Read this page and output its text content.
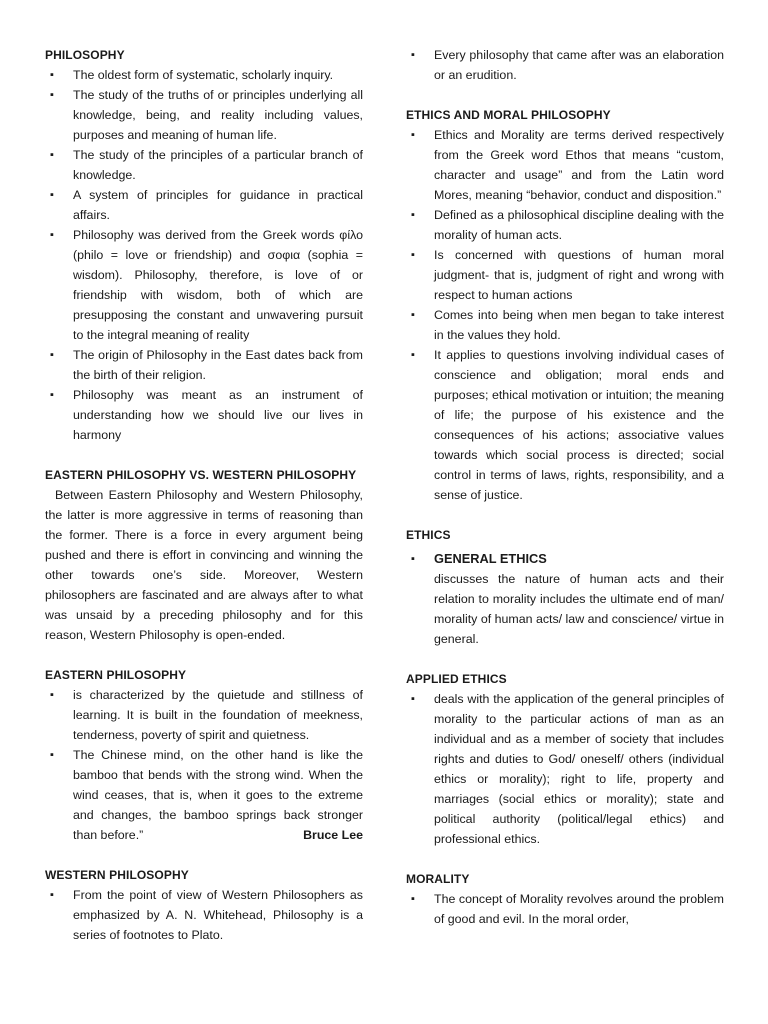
PHILOSOPHY
▪ The oldest form of systematic, scholarly inquiry.
▪ The study of the truths of or principles underlying all knowledge, being, and reality including values, purposes and meaning of human life.
▪ The study of the principles of a particular branch of knowledge.
▪ A system of principles for guidance in practical affairs.
▪ Philosophy was derived from the Greek words φίλο (philo = love or friendship) and σοφια (sophia = wisdom). Philosophy, therefore, is love of or friendship with wisdom, both of which are presupposing the constant and unwavering pursuit to the integral meaning of reality
▪ The origin of Philosophy in the East dates back from the birth of their religion.
▪ Philosophy was meant as an instrument of understanding how we should live our lives in harmony
EASTERN PHILOSOPHY VS. WESTERN PHILOSOPHY

Between Eastern Philosophy and Western Philosophy, the latter is more aggressive in terms of reasoning than the former. There is a force in every argument being pushed and there is effort in convincing and winning the other towards one’s side. Moreover, Western philosophers are fascinated and are always after to what was unsaid by a preceding philosophy and for this reason, Western Philosophy is open-ended.

EASTERN PHILOSOPHY
▪ is characterized by the quietude and stillness of learning. It is built in the foundation of meekness, tenderness, poverty of spirit and quietness.
▪ The Chinese mind, on the other hand is like the bamboo that bends with the strong wind. When the wind ceases, that is, when it goes to the extreme and changes, the bamboo springs back stronger than before.”	Bruce Lee
WESTERN PHILOSOPHY
▪ From the point of view of Western Philosophers as emphasized by A. N. Whitehead, Philosophy is a series of footnotes to Plato.
▪ Every philosophy that came after was an elaboration or an erudition.
ETHICS AND MORAL PHILOSOPHY
▪ Ethics and Morality are terms derived respectively from the Greek word Ethos that means “custom, character and usage” and from the Latin word Mores, meaning “behavior, conduct and disposition.”
▪ Defined as a philosophical discipline dealing with the morality of human acts.
▪ Is concerned with questions of human moral judgment- that is, judgment of right and wrong with respect to human actions
▪ Comes into being when men began to take interest in the values they hold.
▪ It applies to questions involving individual cases of conscience and obligation; moral ends and purposes; ethical motivation or intuition; the meaning of life; the purpose of his existence and the consequences of his actions; associative values towards which social process is directed; social control in terms of laws, rights, responsibility, and a sense of justice.
ETHICS
▪ GENERAL ETHICS

discusses the nature of human acts and their relation to morality includes the ultimate end of man/ morality of human acts/ law and conscience/ virtue in general.

APPLIED ETHICS
▪ deals with the application of the general principles of morality to the particular actions of man as an individual and as a member of society that includes rights and duties to God/ oneself/ others (individual ethics or morality); right to life, property and marriages (social ethics or morality); state and political authority (political/legal ethics) and professional ethics.
MORALITY
▪ The concept of Morality revolves around the problem of good and evil. In the moral order,
